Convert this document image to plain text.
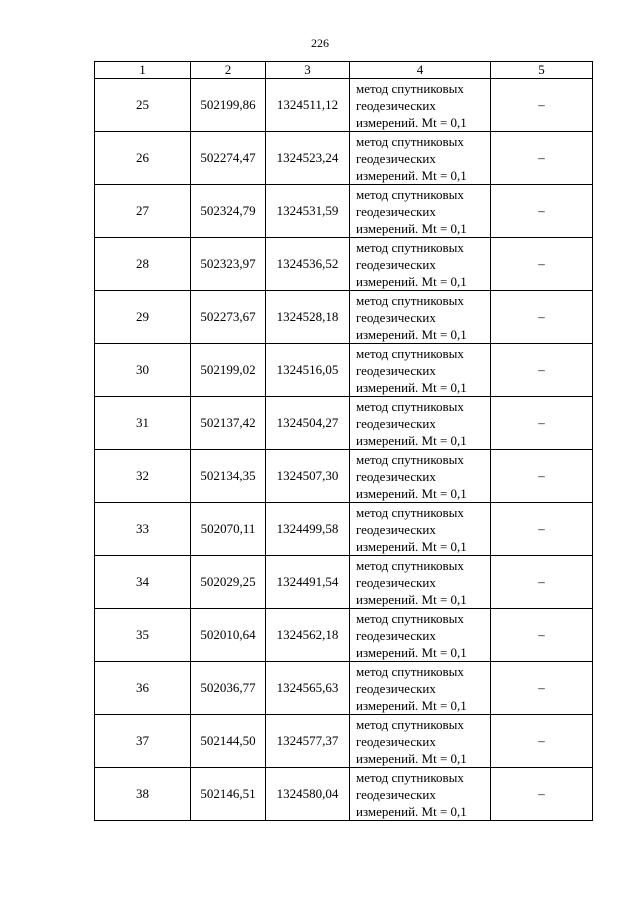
226
1	2	3	4	5
25	502199,86	1324511,12	метод спутниковых
геодезических
измерений. Mt = 0,1	–
26	502274,47	1324523,24	метод спутниковых
геодезических
измерений. Mt = 0,1	–
27	502324,79	1324531,59	метод спутниковых
геодезических
измерений. Mt = 0,1	–
28	502323,97	1324536,52	метод спутниковых
геодезических
измерений. Mt = 0,1	–
29	502273,67	1324528,18	метод спутниковых
геодезических
измерений. Mt = 0,1	–
30	502199,02	1324516,05	метод спутниковых
геодезических
измерений. Mt = 0,1	–
31	502137,42	1324504,27	метод спутниковых
геодезических
измерений. Mt = 0,1	–
32	502134,35	1324507,30	метод спутниковых
геодезических
измерений. Mt = 0,1	–
33	502070,11	1324499,58	метод спутниковых
геодезических
измерений. Mt = 0,1	–
34	502029,25	1324491,54	метод спутниковых
геодезических
измерений. Mt = 0,1	–
35	502010,64	1324562,18	метод спутниковых
геодезических
измерений. Mt = 0,1	–
36	502036,77	1324565,63	метод спутниковых
геодезических
измерений. Mt = 0,1	–
37	502144,50	1324577,37	метод спутниковых
геодезических
измерений. Mt = 0,1	–
38	502146,51	1324580,04	метод спутниковых
геодезических
измерений. Mt = 0,1	–
